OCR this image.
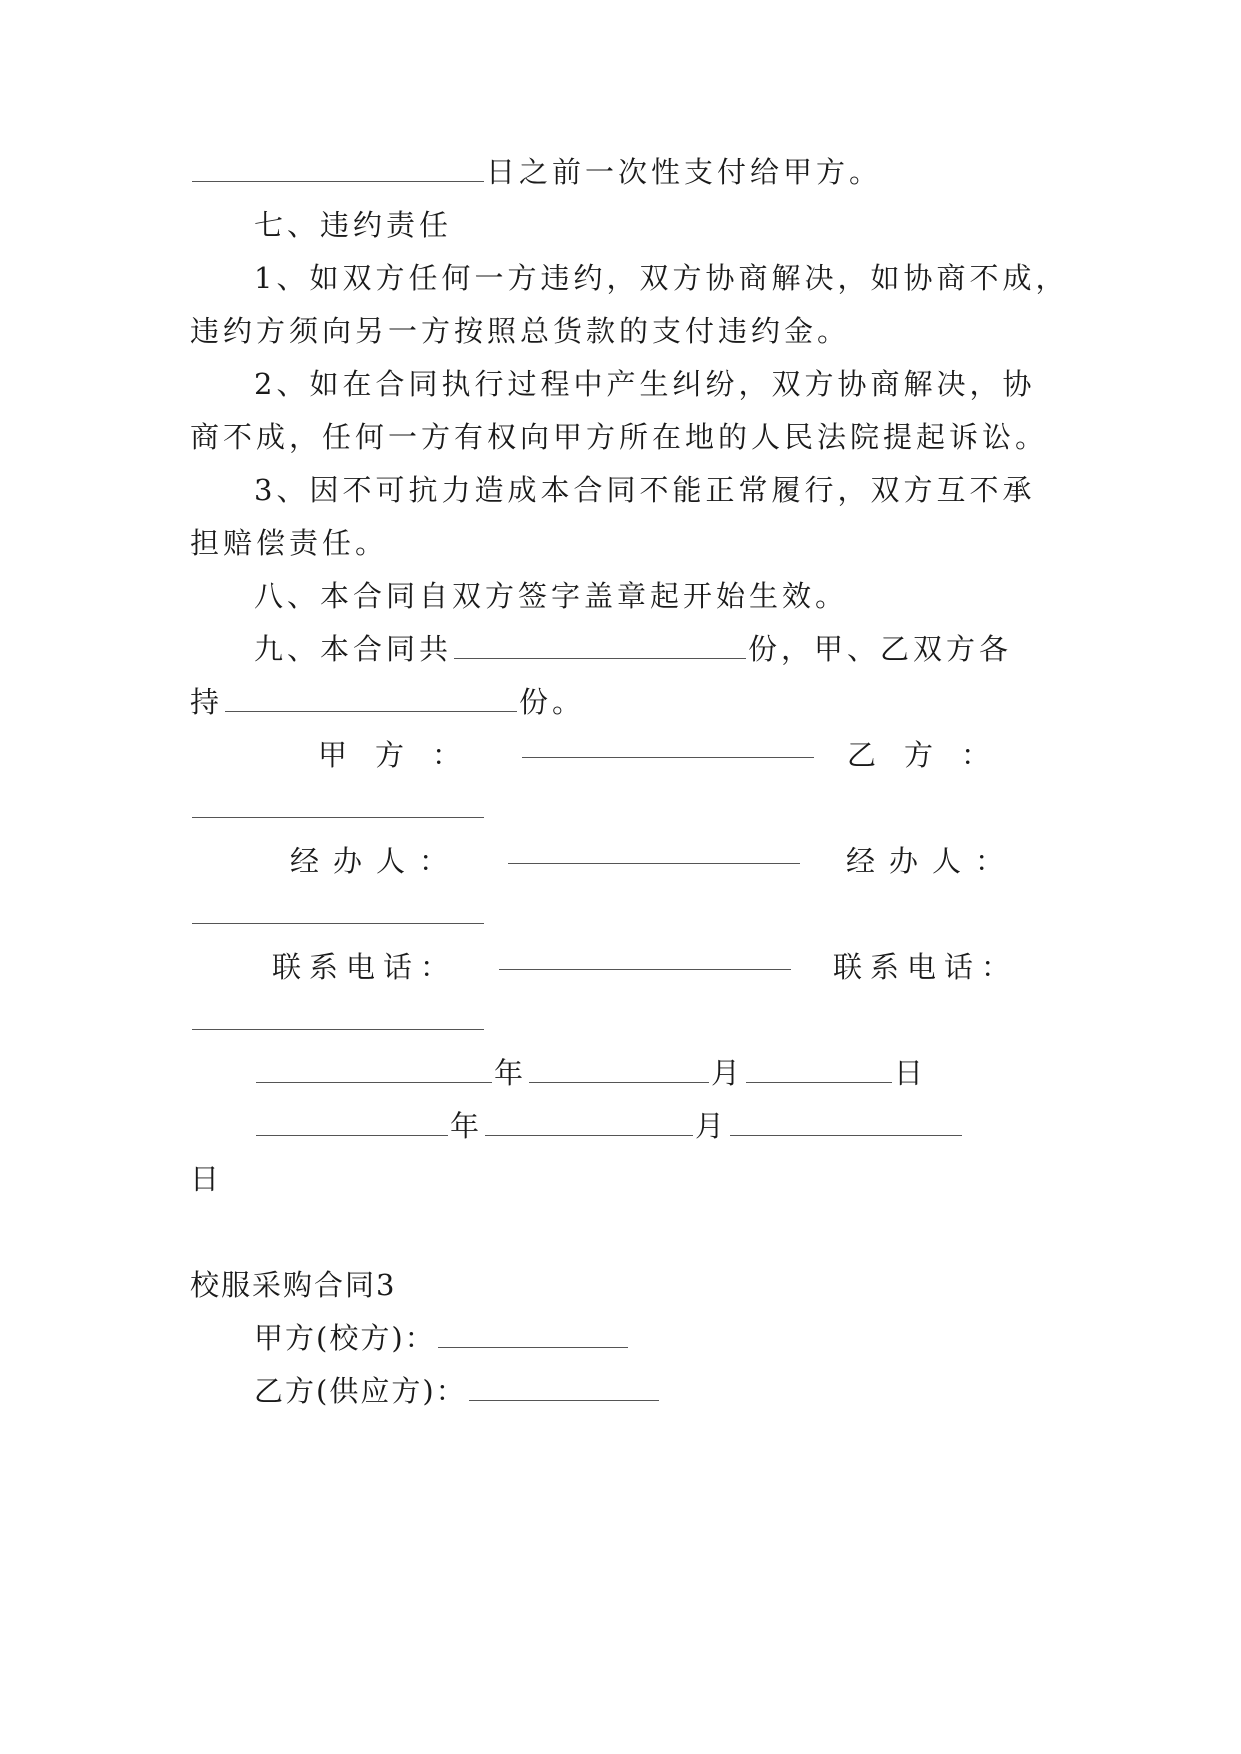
日之前一次性支付给甲方。
七、违约责任
1、如双方任何一方违约，双方协商解决，如协商不成，
违约方须向另一方按照总货款的支付违约金。
2、如在合同执行过程中产生纠纷，双方协商解决，协
商不成，任何一方有权向甲方所在地的人民法院提起诉讼。
3、因不可抗力造成本合同不能正常履行，双方互不承
担赔偿责任。
八、本合同自双方签字盖章起开始生效。
九、本合同共	份，甲、乙双方各
持	份。
甲方：	乙方：
经办人：	经办人：
联系电话：	联系电话：
年	月	日
年	月
日
校服采购合同3
甲方(校方)：
乙方(供应方)：
